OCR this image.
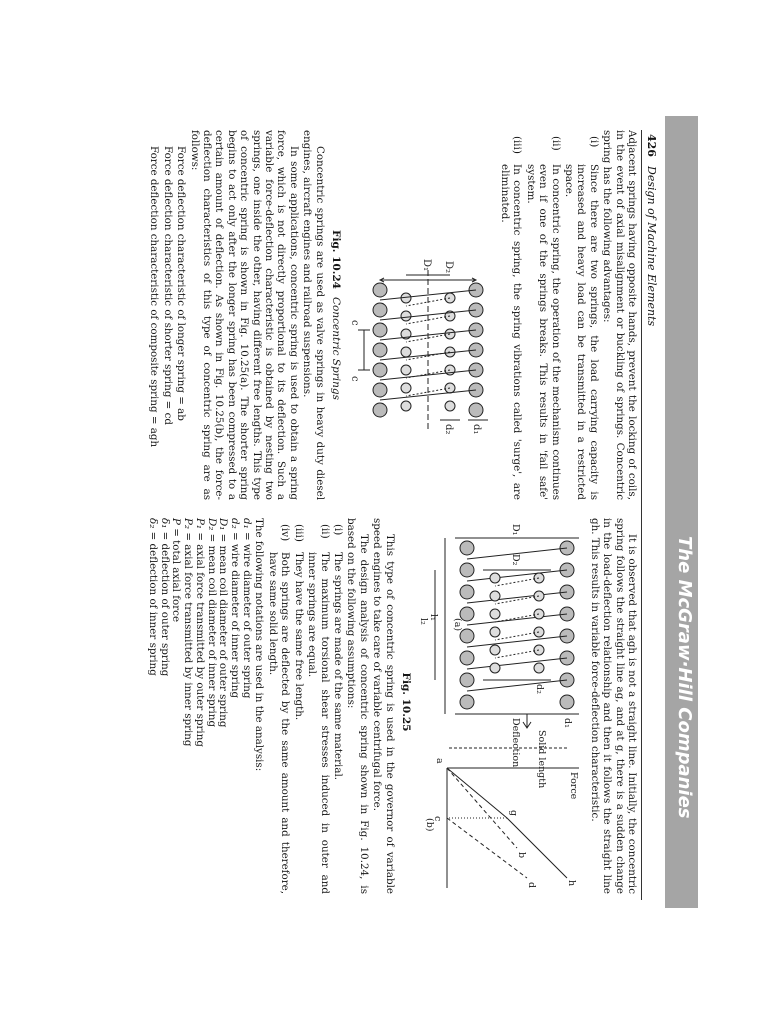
The McGraw·Hill Companies
426
Design of Machine Elements

Adjacent springs having opposite hands, prevent the locking of coils, in the event of axial misalignment or buckling of springs. Concentric spring has the following advantages:

(i)
Since there are two springs, the load carrying capacity is increased and heavy load can be transmitted in a restricted space.
(ii)
In concentric spring, the operation of the mechanism continues even if one of the springs breaks. This results in 'fail safe' system.
(iii)
In concentric spring, the spring vibrations called 'surge', are eliminated.
D₁ D₂
d₁
d₂
c
c
Fig. 10.24Concentric Springs

Concentric springs are used as valve springs in heavy duty diesel engines, aircraft engines and railroad suspensions.

In some applications, concentric spring is used to obtain a spring force, which is not directly proportional to its deflection. Such a variable force-deflection characteristic is obtained by nesting two springs, one inside the other, having different free lengths. This type of concentric spring is shown in Fig. 10.25(a). The shorter spring begins to act only after the longer spring has been compressed to a certain amount of deflection. As shown in Fig. 10.25(b), the force-deflection characteristics of this type of concentric spring are as follows:

Force deflection characteristic of longer spring = ab

Force deflection characteristic of shorter spring = cd

Force deflection characteristic of composite spring = agh

It is observed that agh is not a straight line. Initially, the concentric spring follows the straight line ag, and at g, there is a sudden change in the load-deflection relationship and then it follows the straight line gh. This results in variable force-deflection characteristic.

l₁
l₂
D₁
D₂
d₁
d₂
Solid length
Deflection
(a)
(b)
Force
a
b
c
d
g
h
Fig. 10.25

This type of concentric spring is used in the governor of variable speed engines to take care of variable centrifugal force.

The design analysis of concentric spring shown in Fig. 10.24, is based on the following assumptions:

(i)
The springs are made of the same material.
(ii)
The maximum torsional shear stresses induced in outer and inner springs are equal.
(iii)
They have the same free length.
(iv)
Both springs are deflected by the same amount and therefore, have same solid length.

The following notations are used in the analysis:

d₁ = wire diameter of outer spring
d₂ = wire diameter of inner spring
D₁ = mean coil diameter of outer spring
D₂ = mean coil diameter of inner spring
P₁ = axial force transmitted by outer spring
P₂ = axial force transmitted by inner spring
P = total axial force
δ₁ = deflection of outer spring
δ₂ = deflection of inner spring
